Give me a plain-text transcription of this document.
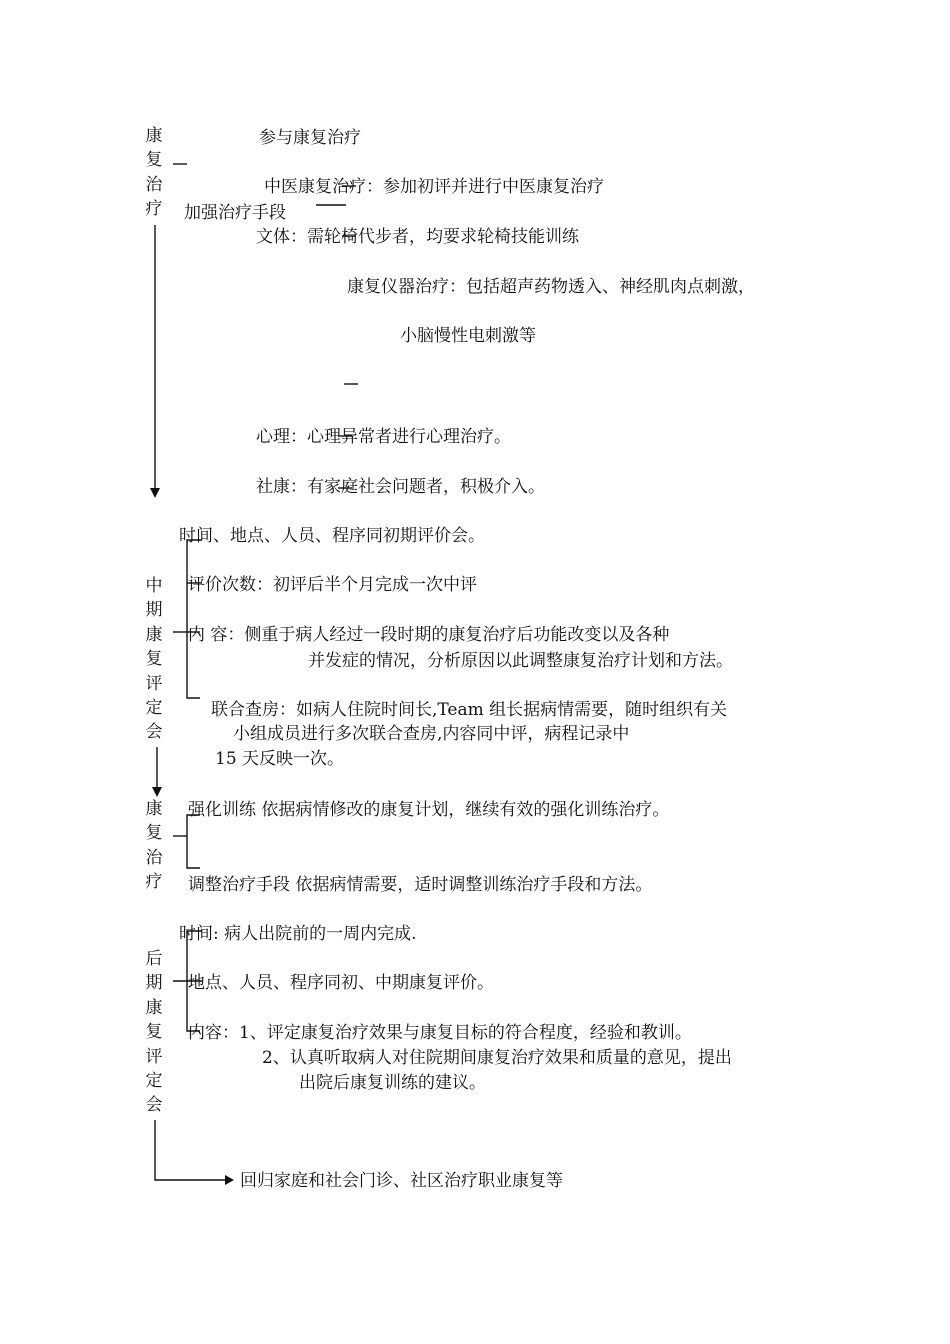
康复治疗
参与康复治疗
中医康复治疗：参加初评并进行中医康复治疗
加强治疗手段
文体：需轮椅代步者，均要求轮椅技能训练
康复仪器治疗：包括超声药物透入、神经肌肉点刺激，
小脑慢性电刺激等
心理：心理异常者进行心理治疗。
社康：有家庭社会问题者，积极介入。
中期康复评定会
时间、地点、人员、程序同初期评价会。
评价次数：初评后半个月完成一次中评
内 容：侧重于病人经过一段时期的康复治疗后功能改变以及各种
并发症的情况，分析原因以此调整康复治疗计划和方法。
联合查房：如病人住院时间长,Team 组长据病情需要，随时组织有关
小组成员进行多次联合查房,内容同中评，病程记录中
15 天反映一次。
康复治疗
强化训练 依据病情修改的康复计划，继续有效的强化训练治疗。
调整治疗手段 依据病情需要，适时调整训练治疗手段和方法。
后期康复评定会
时间: 病人出院前的一周内完成.
地点、人员、程序同初、中期康复评价。
内容：1、评定康复治疗效果与康复目标的符合程度，经验和教训。
2、认真听取病人对住院期间康复治疗效果和质量的意见，提出
出院后康复训练的建议。
回归家庭和社会门诊、社区治疗职业康复等
